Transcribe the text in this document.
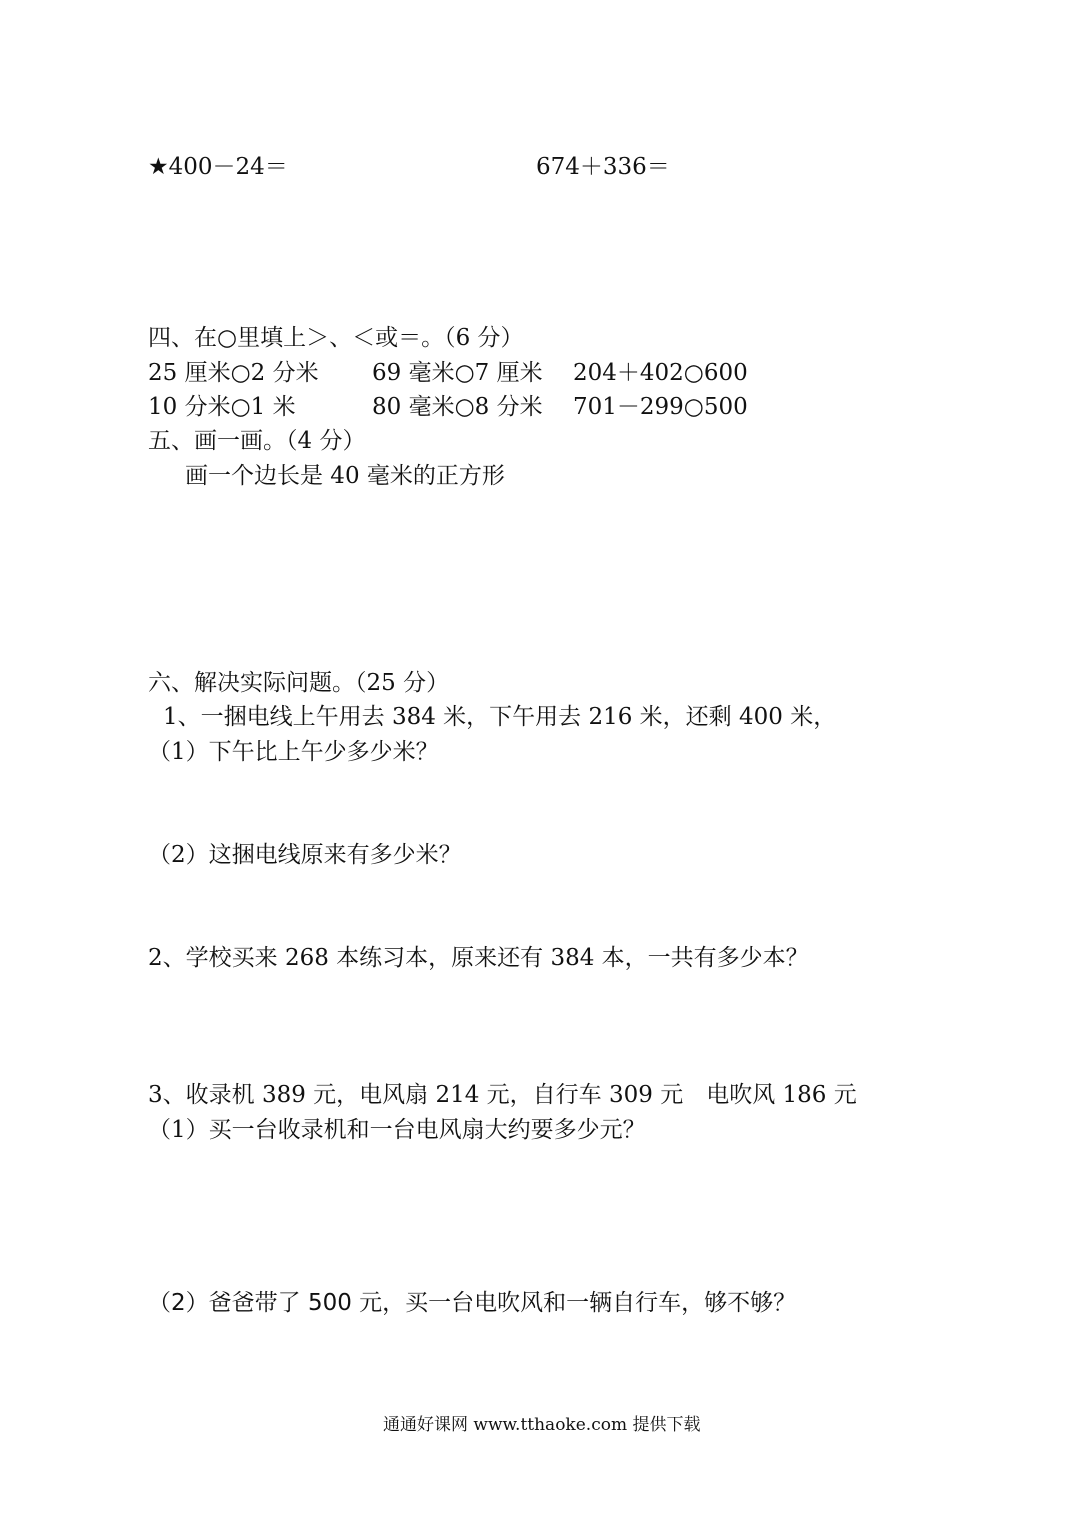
★400－24＝	674＋336＝
四、在○里填上＞、＜或＝。（6 分）
25 厘米○2 分米 69 毫米○7 厘米 204＋402○600
10 分米○1 米	80 毫米○8 分米 701－299○500
五、画一画。（4 分）
画一个边长是 40 毫米的正方形
六、解决实际问题。（25 分）
1、一捆电线上午用去 384 米，下午用去 216 米，还剩 400 米，
（1）下午比上午少多少米？
（2）这捆电线原来有多少米？
2、学校买来 268 本练习本，原来还有 384 本，一共有多少本？
3、收录机 389 元，电风扇 214 元，自行车 309 元　电吹风 186 元
（1）买一台收录机和一台电风扇大约要多少元？
（2）爸爸带了 500 元，买一台电吹风和一辆自行车，够不够？
通通好课网 www.tthaoke.com 提供下载
